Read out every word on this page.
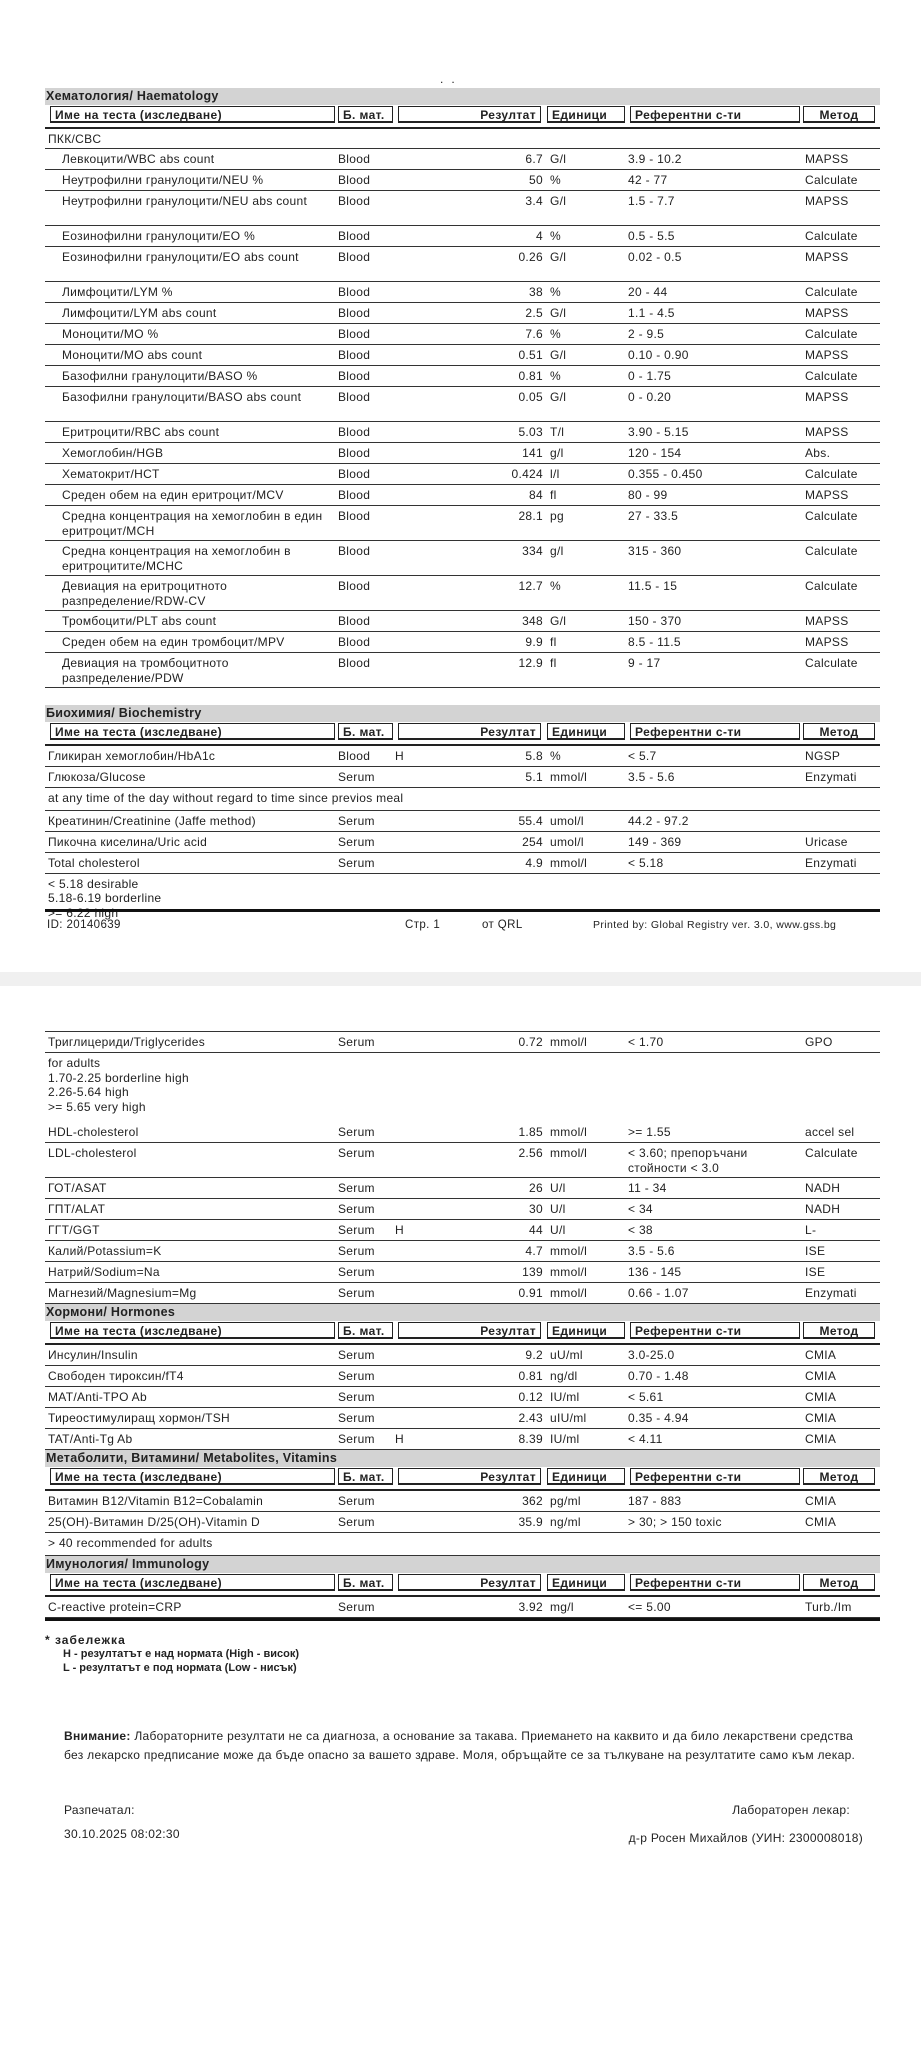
..
Хематология/ Haematology
Име на теста (изследване)	Б. мат.	Резултат	Единици	Референтни с-ти	Метод
ПКК/CBC
Левкоцити/WBC abs count	Blood	6.7 G/l	3.9 - 10.2	MAPSS
Неутрофилни гранулоцити/NEU %	Blood	50 %	42 - 77	Calculate
Неутрофилни гранулоцити/NEU abs count	Blood	3.4 G/l	1.5 - 7.7	MAPSS
Еозинофилни гранулоцити/EO %	Blood	4 %	0.5 - 5.5	Calculate
Еозинофилни гранулоцити/EO abs count	Blood	0.26 G/l	0.02 - 0.5	MAPSS
Лимфоцити/LYM %	Blood	38 %	20 - 44	Calculate
Лимфоцити/LYM abs count	Blood	2.5 G/l	1.1 - 4.5	MAPSS
Моноцити/MO %	Blood	7.6 %	2 - 9.5	Calculate
Моноцити/MO abs count	Blood	0.51 G/l	0.10 - 0.90	MAPSS
Базофилни гранулоцити/BASO %	Blood	0.81 %	0 - 1.75	Calculate
Базофилни гранулоцити/BASO abs count	Blood	0.05 G/l	0 - 0.20	MAPSS
Еритроцити/RBC abs count	Blood	5.03 T/l	3.90 - 5.15	MAPSS
Хемоглобин/HGB	Blood	141 g/l	120 - 154	Abs.
Хематокрит/HCT	Blood	0.424 l/l	0.355 - 0.450	Calculate
Среден обем на един еритроцит/MCV	Blood	84 fl	80 - 99	MAPSS
Средна концентрация на хемоглобин в един еритроцит/MCH
Blood	28.1 pg	27 - 33.5	Calculate
Средна концентрация на хемоглобин в еритроцитите/MCHC
Blood	334 g/l	315 - 360	Calculate
Девиация на еритроцитното разпределение/RDW-CV
Blood	12.7 %	11.5 - 15	Calculate
Тромбоцити/PLT abs count	Blood	348 G/l	150 - 370	MAPSS
Среден обем на един тромбоцит/MPV	Blood	9.9 fl	8.5 - 11.5	MAPSS
Девиация на тромбоцитното разпределение/PDW
Blood	12.9 fl	9 - 17	Calculate
Биохимия/ Biochemistry
Име на теста (изследване)	Б. мат.	Резултат	Единици	Референтни с-ти	Метод
Гликиран хемоглобин/HbA1c	Blood H	5.8 %	< 5.7	NGSP
Глюкоза/Glucose	Serum	5.1 mmol/l	3.5 - 5.6	Enzymati
at any time of the day without regard to time since previos meal
Креатинин/Creatinine (Jaffe method)	Serum	55.4 umol/l	44.2 - 97.2
Пикочна киселина/Uric acid	Serum	254 umol/l	149 - 369	Uricase
Total cholesterol	Serum	4.9 mmol/l	< 5.18	Enzymati
< 5.18 desirable
5.18-6.19 borderline
>= 6.22 high
ID: 20140639	Стр. 1	от QRL	Printed by: Global Registry ver. 3.0, www.gss.bg
Триглицериди/Triglycerides	Serum	0.72 mmol/l	< 1.70	GPO
for adults
1.70-2.25 borderline high
2.26-5.64 high
>= 5.65 very high
HDL-cholesterol	Serum	1.85 mmol/l	>= 1.55	accel sel
LDL-cholesterol	Serum	2.56 mmol/l	< 3.60; препоръчани стойности < 3.0
Calculate
ГОТ/ASAT	Serum	26 U/l	11 - 34	NADH
ГПТ/ALAT	Serum	30 U/l	< 34	NADH
ГГТ/GGT	Serum H	44 U/l	< 38	L-
Калий/Potassium=K	Serum	4.7 mmol/l	3.5 - 5.6	ISE
Натрий/Sodium=Na	Serum	139 mmol/l	136 - 145	ISE
Магнезий/Magnesium=Mg	Serum	0.91 mmol/l	0.66 - 1.07	Enzymati
Хормони/ Hormones
Име на теста (изследване)	Б. мат.	Резултат	Единици	Референтни с-ти	Метод
Инсулин/Insulin	Serum	9.2 uU/ml	3.0-25.0	CMIA
Свободен тироксин/fT4	Serum	0.81 ng/dl	0.70 - 1.48	CMIA
MAT/Anti-TPO Ab	Serum	0.12 IU/ml	< 5.61	CMIA
Тиреостимулиращ хормон/TSH	Serum	2.43 uIU/ml	0.35 - 4.94	CMIA
TAT/Anti-Tg Ab	Serum H	8.39 IU/ml	< 4.11	CMIA
Метаболити, Витамини/ Metabolites, Vitamins
Име на теста (изследване)	Б. мат.	Резултат	Единици	Референтни с-ти	Метод
Витамин B12/Vitamin B12=Cobalamin	Serum	362 pg/ml	187 - 883	CMIA
25(OH)-Витамин D/25(OH)-Vitamin D	Serum	35.9 ng/ml	> 30; > 150 toxic	CMIA
> 40 recommended for adults
Имунология/ Immunology
Име на теста (изследване)	Б. мат.	Резултат	Единици	Референтни с-ти	Метод
C-reactive protein=CRP	Serum	3.92 mg/l	<= 5.00	Turb./Im
* забележка
H - резултатът е над нормата (High - висок)
L - резултатът е под нормата (Low - нисък)
Внимание: Лабораторните резултати не са диагноза, а основание за такава. Приемането на каквито и да било лекарствени средства без лекарско предписание може да бъде опасно за вашето здраве. Моля, обръщайте се за тълкуване на резултатите само към лекар.
Разпечатал:
30.10.2025 08:02:30
Лабораторен лекар:
д-р Росен Михайлов (УИН: 2300008018)
